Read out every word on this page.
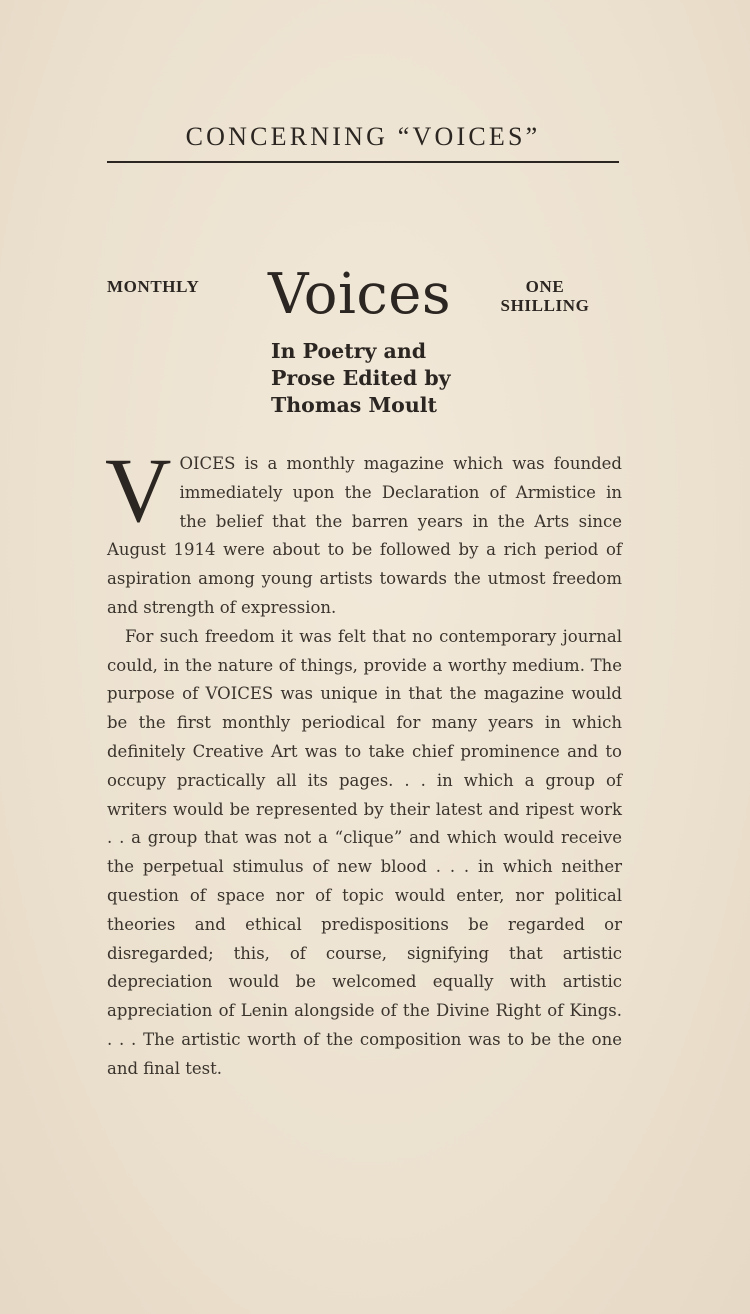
CONCERNING “VOICES”
MONTHLY Voices	ONE
SHILLING
In Poetry and
Prose Edited by
Thomas Moult

VOICES is a monthly magazine which was founded immediately upon the Declaration of Armistice in the belief that the barren years in the Arts since August 1914 were about to be followed by a rich period of aspiration among young artists towards the utmost freedom and strength of expression.

For such freedom it was felt that no contemporary journal could, in the nature of things, provide a worthy medium. The purpose of VOICES was unique in that the magazine would be the first monthly periodical for many years in which definitely Creative Art was to take chief prominence and to occupy practically all its pages. . . in which a group of writers would be represented by their latest and ripest work . . a group that was not a “clique” and which would receive the perpetual stimulus of new blood . . . in which neither question of space nor of topic would enter, nor political theories and ethical predispositions be regarded or disregarded; this, of course, signifying that artistic depreciation would be welcomed equally with artistic appreciation of Lenin alongside of the Divine Right of Kings. . . . The artistic worth of the composition was to be the one and final test.
